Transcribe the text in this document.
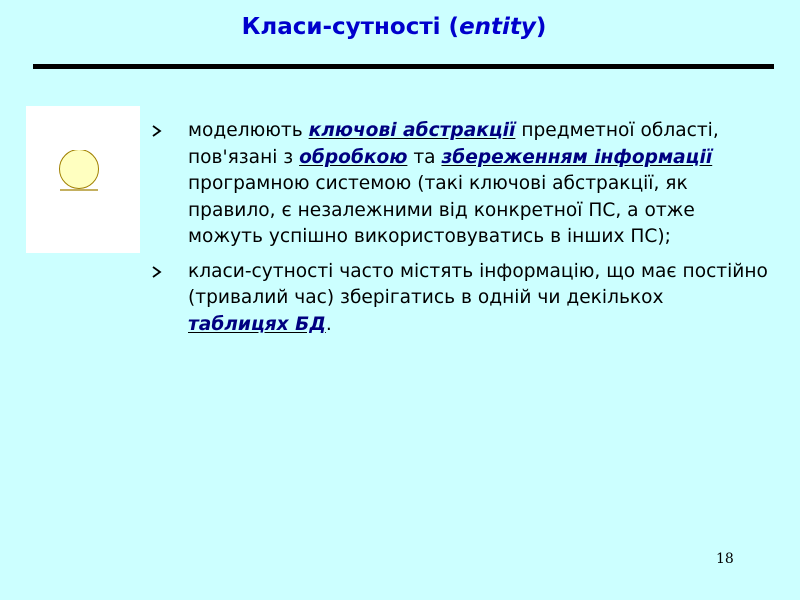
Класи-сутності (entity)
моделюють ключові абстракції предметної області, пов'язані з обробкою та збереженням інформації програмною системою (такі ключові абстракції, як правило, є незалежними від конкретної ПС, а отже можуть успішно використовуватись в інших ПС);
класи-сутності часто містять інформацію, що має постійно (тривалий час) зберігатись в одній чи декількох таблицях БД.
18
